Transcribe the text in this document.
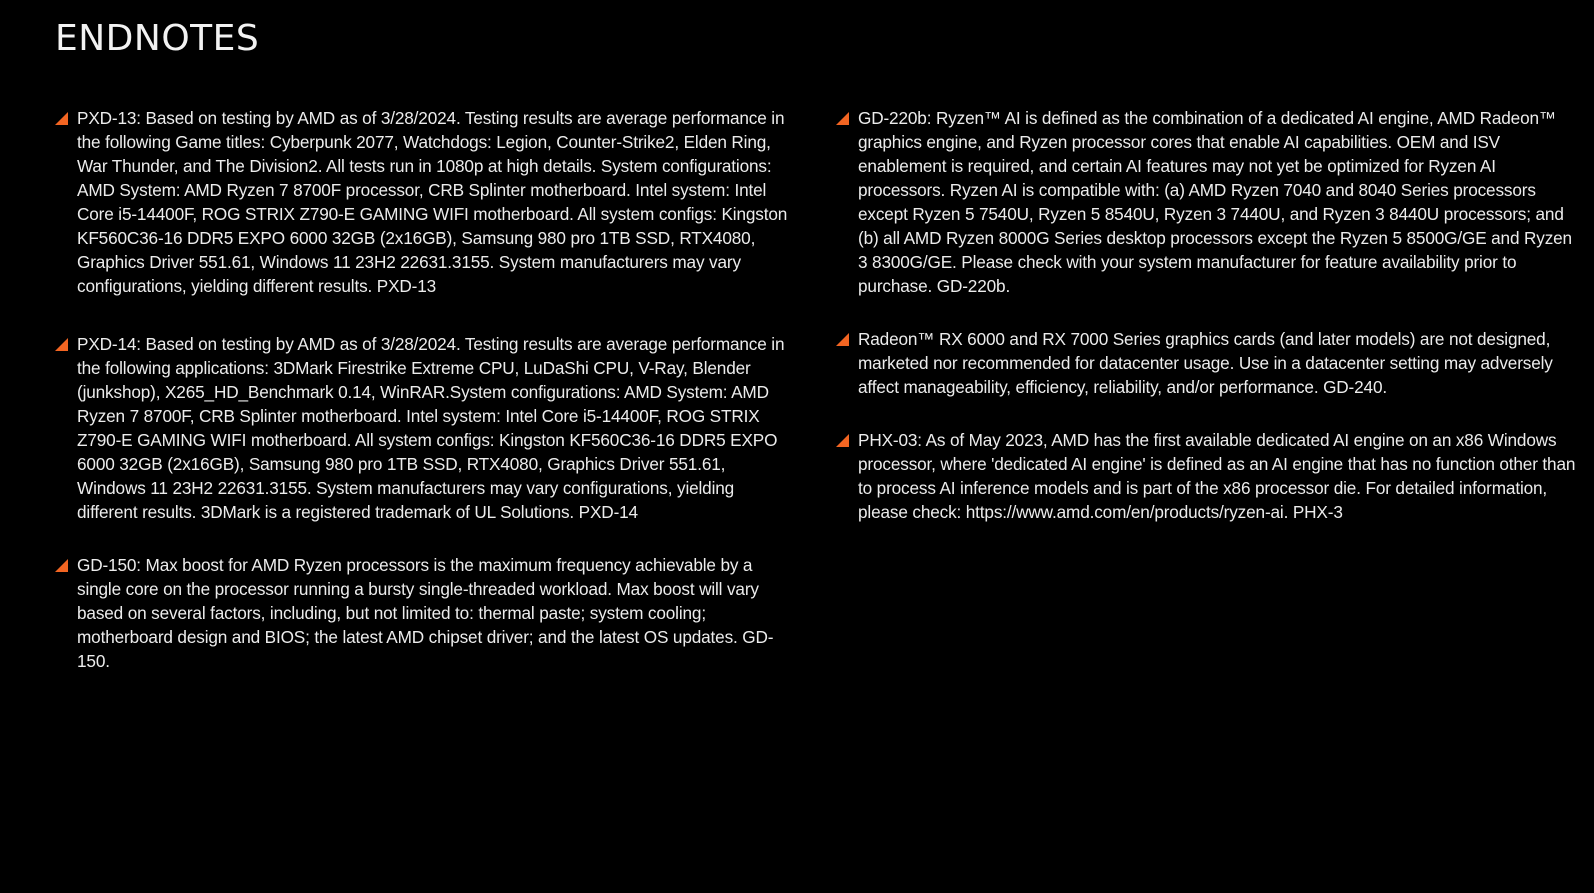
ENDNOTES
PXD-13: Based on testing by AMD as of 3/28/2024. Testing results are average performance in the following Game titles: Cyberpunk 2077, Watchdogs: Legion, Counter-Strike2, Elden Ring, War Thunder, and The Division2. All tests run in 1080p at high details. System configurations: AMD System: AMD Ryzen 7 8700F processor, CRB Splinter motherboard. Intel system: Intel Core i5-14400F, ROG STRIX Z790-E GAMING WIFI motherboard. All system configs: Kingston KF560C36-16 DDR5 EXPO 6000 32GB (2x16GB), Samsung 980 pro 1TB SSD, RTX4080, Graphics Driver 551.61, Windows 11 23H2 22631.3155. System manufacturers may vary configurations, yielding different results. PXD-13
PXD-14: Based on testing by AMD as of 3/28/2024. Testing results are average performance in the following applications: 3DMark Firestrike Extreme CPU, LuDaShi CPU, V-Ray, Blender (junkshop), X265_HD_Benchmark 0.14, WinRAR.System configurations: AMD System: AMD Ryzen 7 8700F, CRB Splinter motherboard. Intel system: Intel Core i5-14400F, ROG STRIX Z790-E GAMING WIFI motherboard. All system configs: Kingston KF560C36-16 DDR5 EXPO 6000 32GB (2x16GB), Samsung 980 pro 1TB SSD, RTX4080, Graphics Driver 551.61, Windows 11 23H2 22631.3155. System manufacturers may vary configurations, yielding different results. 3DMark is a registered trademark of UL Solutions. PXD-14
GD-150: Max boost for AMD Ryzen processors is the maximum frequency achievable by a single core on the processor running a bursty single-threaded workload. Max boost will vary based on several factors, including, but not limited to: thermal paste; system cooling; motherboard design and BIOS; the latest AMD chipset driver; and the latest OS updates. GD-150.
GD-220b: Ryzen™ AI is defined as the combination of a dedicated AI engine, AMD Radeon™ graphics engine, and Ryzen processor cores that enable AI capabilities. OEM and ISV enablement is required, and certain AI features may not yet be optimized for Ryzen AI processors. Ryzen AI is compatible with: (a) AMD Ryzen 7040 and 8040 Series processors except Ryzen 5 7540U, Ryzen 5 8540U, Ryzen 3 7440U, and Ryzen 3 8440U processors; and (b) all AMD Ryzen 8000G Series desktop processors except the Ryzen 5 8500G/GE and Ryzen 3 8300G/GE. Please check with your system manufacturer for feature availability prior to purchase. GD-220b.
Radeon™ RX 6000 and RX 7000 Series graphics cards (and later models) are not designed, marketed nor recommended for datacenter usage. Use in a datacenter setting may adversely affect manageability, efficiency, reliability, and/or performance. GD-240.
PHX-03: As of May 2023, AMD has the first available dedicated AI engine on an x86 Windows processor, where 'dedicated AI engine' is defined as an AI engine that has no function other than to process AI inference models and is part of the x86 processor die. For detailed information, please check: https://www.amd.com/en/products/ryzen-ai. PHX-3
